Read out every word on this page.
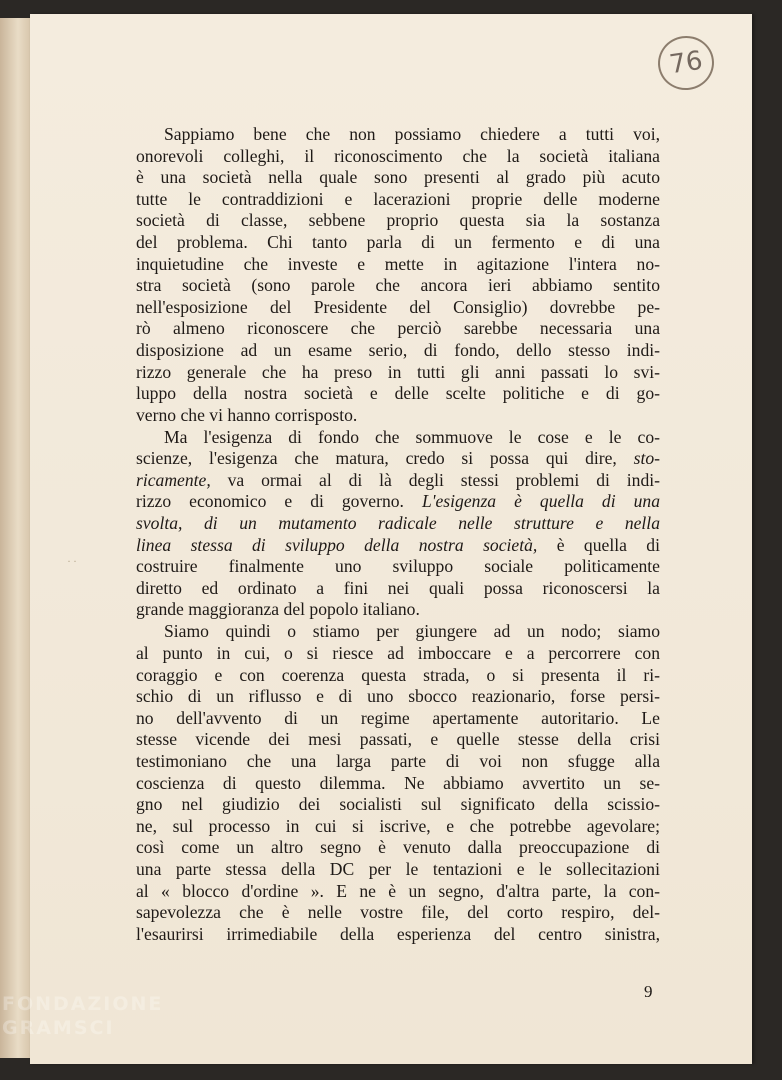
76
˙˙
Sappiamo bene che non possiamo chiedere a tutti voi,
onorevoli colleghi, il riconoscimento che la società italiana
è una società nella quale sono presenti al grado più acuto
tutte le contraddizioni e lacerazioni proprie delle moderne
società di classe, sebbene proprio questa sia la sostanza
del problema. Chi tanto parla di un fermento e di una
inquietudine che investe e mette in agitazione l'intera no-
stra società (sono parole che ancora ieri abbiamo sentito
nell'esposizione del Presidente del Consiglio) dovrebbe pe-
rò almeno riconoscere che perciò sarebbe necessaria una
disposizione ad un esame serio, di fondo, dello stesso indi-
rizzo generale che ha preso in tutti gli anni passati lo svi-
luppo della nostra società e delle scelte politiche e di go-
verno che vi hanno corrisposto.
Ma l'esigenza di fondo che sommuove le cose e le co-
scienze, l'esigenza che matura, credo si possa qui dire, sto-
ricamente, va ormai al di là degli stessi problemi di indi-
rizzo economico e di governo. L'esigenza è quella di una
svolta, di un mutamento radicale nelle strutture e nella
linea stessa di sviluppo della nostra società, è quella di
costruire finalmente uno sviluppo sociale politicamente
diretto ed ordinato a fini nei quali possa riconoscersi la
grande maggioranza del popolo italiano.
Siamo quindi o stiamo per giungere ad un nodo; siamo
al punto in cui, o si riesce ad imboccare e a percorrere con
coraggio e con coerenza questa strada, o si presenta il ri-
schio di un riflusso e di uno sbocco reazionario, forse persi-
no dell'avvento di un regime apertamente autoritario. Le
stesse vicende dei mesi passati, e quelle stesse della crisi
testimoniano che una larga parte di voi non sfugge alla
coscienza di questo dilemma. Ne abbiamo avvertito un se-
gno nel giudizio dei socialisti sul significato della scissio-
ne, sul processo in cui si iscrive, e che potrebbe agevolare;
così come un altro segno è venuto dalla preoccupazione di
una parte stessa della DC per le tentazioni e le sollecitazioni
al « blocco d'ordine ». E ne è un segno, d'altra parte, la con-
sapevolezza che è nelle vostre file, del corto respiro, del-
l'esaurirsi irrimediabile della esperienza del centro sinistra,
9
FONDAZIONE
GRAMSCI
